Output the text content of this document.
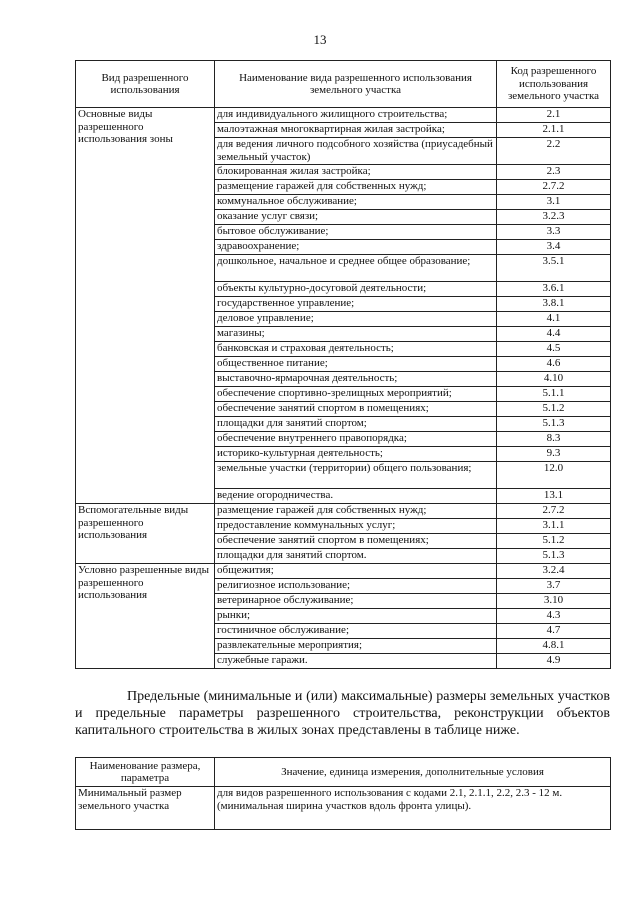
13
Вид разрешенного использования	Наименование вида разрешенного использования земельного участка	Код разрешенного использования земельного участка
Основные виды разрешенного использования зоны	для индивидуального жилищного строительства;	2.1
	малоэтажная многоквартирная жилая застройка;	2.1.1
	для ведения личного подсобного хозяйства (приусадебный земельный участок)	2.2
	блокированная жилая застройка;	2.3
	размещение гаражей для собственных нужд;	2.7.2
	коммунальное обслуживание;	3.1
	оказание услуг связи;	3.2.3
	бытовое обслуживание;	3.3
	здравоохранение;	3.4
	дошкольное, начальное и среднее общее образование;	3.5.1
	объекты культурно-досуговой деятельности;	3.6.1
	государственное управление;	3.8.1
	деловое управление;	4.1
	магазины;	4.4
	банковская и страховая деятельность;	4.5
	общественное питание;	4.6
	выставочно-ярмарочная деятельность;	4.10
	обеспечение спортивно-зрелищных мероприятий;	5.1.1
	обеспечение занятий спортом в помещениях;	5.1.2
	площадки для занятий спортом;	5.1.3
	обеспечение внутреннего правопорядка;	8.3
	историко-культурная деятельность;	9.3
	земельные участки (территории) общего пользования;	12.0
	ведение огородничества.	13.1
Вспомогательные виды разрешенного использования	размещение гаражей для собственных нужд;	2.7.2
	предоставление коммунальных услуг;	3.1.1
	обеспечение занятий спортом в помещениях;	5.1.2
	площадки для занятий спортом.	5.1.3
Условно разрешенные виды разрешенного использования	общежития;	3.2.4
	религиозное использование;	3.7
	ветеринарное обслуживание;	3.10
	рынки;	4.3
	гостиничное обслуживание;	4.7
	развлекательные мероприятия;	4.8.1
	служебные гаражи.	4.9

Предельные (минимальные и (или) максимальные) размеры земельных участков и предельные параметры разрешенного строительства, реконструкции объектов капитального строительства в жилых зонах представлены в таблице ниже.

Наименование размера, параметра	Значение, единица измерения, дополнительные условия
Минимальный размер земельного участка	для видов разрешенного использования с кодами 2.1, 2.1.1, 2.2, 2.3 - 12 м. (минимальная ширина участков вдоль фронта улицы).
